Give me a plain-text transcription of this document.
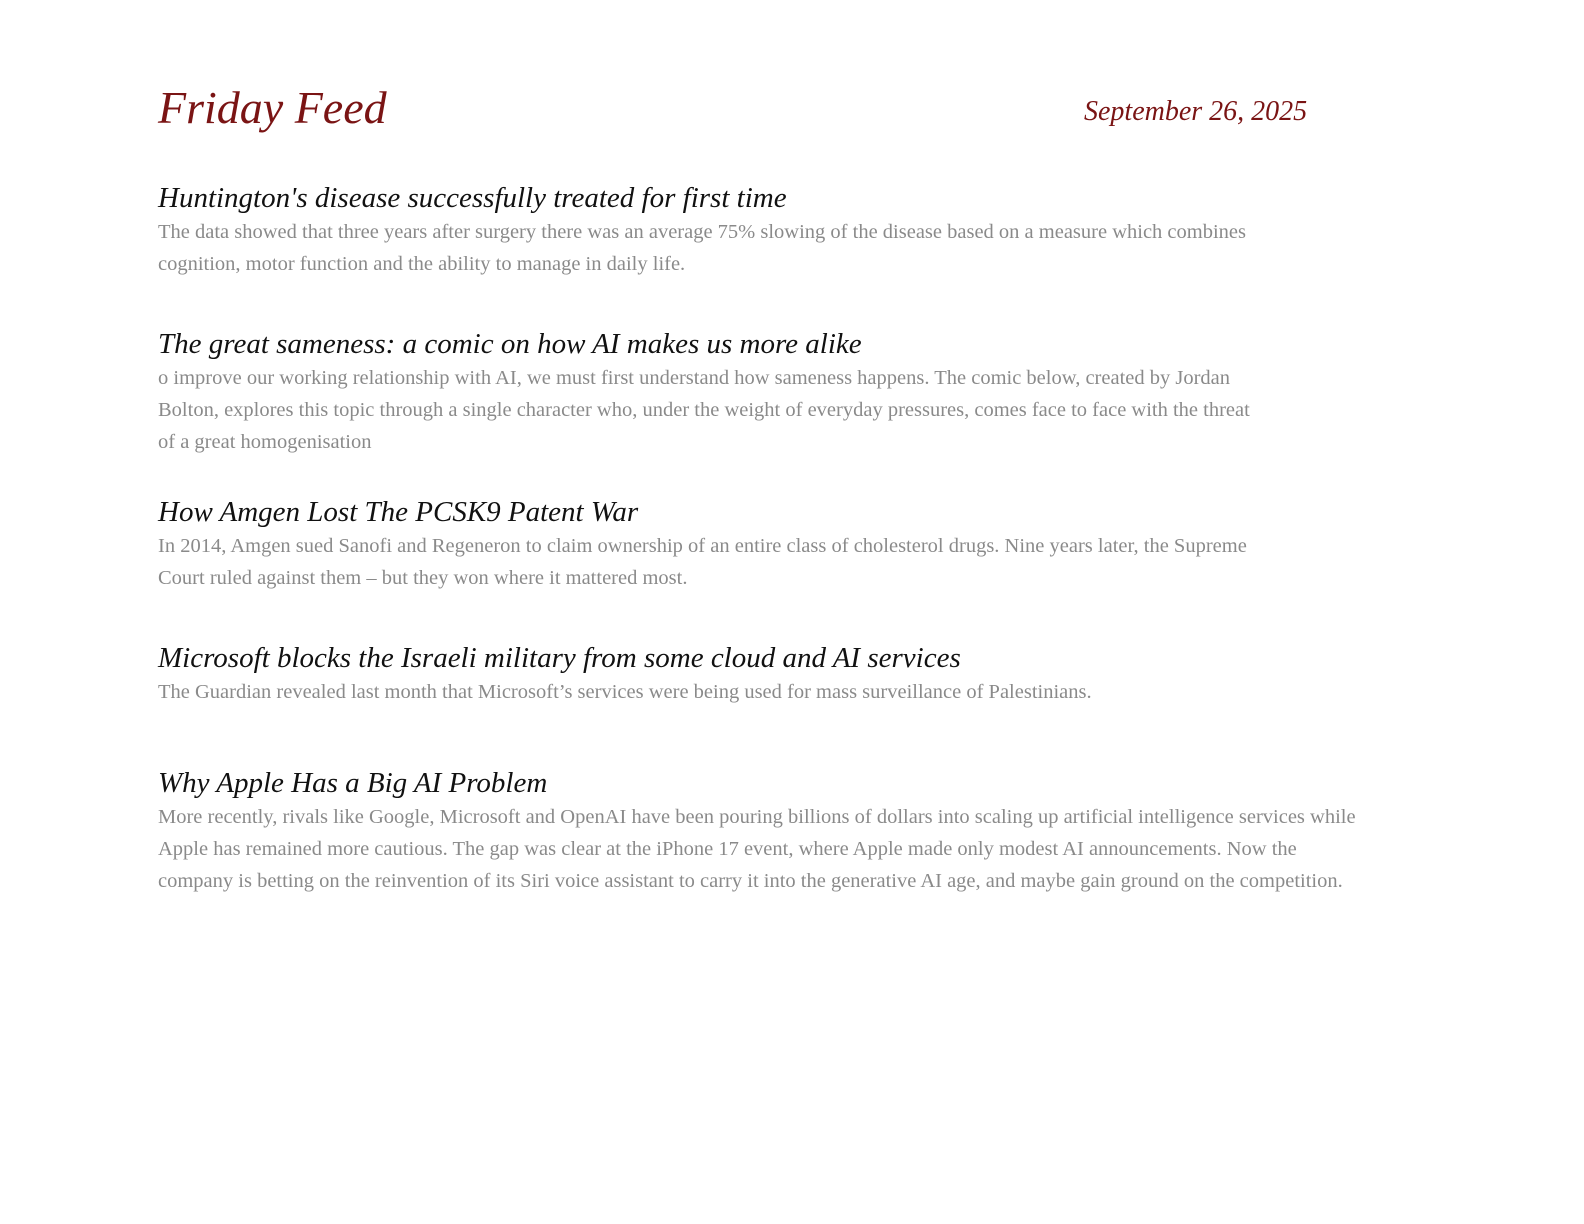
Friday Feed	September 26, 2025
Huntington's disease successfully treated for first time

The data showed that three years after surgery there was an average 75% slowing of the disease based on a measure which combines cognition, motor function and the ability to manage in daily life.

The great sameness: a comic on how AI makes us more alike

o improve our working relationship with AI, we must first understand how sameness happens. The comic below, created by Jordan Bolton, explores this topic through a single character who, under the weight of everyday pressures, comes face to face with the threat of a great homogenisation

How Amgen Lost The PCSK9 Patent War

In 2014, Amgen sued Sanofi and Regeneron to claim ownership of an entire class of cholesterol drugs. Nine years later, the Supreme Court ruled against them – but they won where it mattered most.

Microsoft blocks the Israeli military from some cloud and AI services

The Guardian revealed last month that Microsoft’s services were being used for mass surveillance of Palestinians.

Why Apple Has a Big AI Problem

More recently, rivals like Google, Microsoft and OpenAI have been pouring billions of dollars into scaling up artificial intelligence services while Apple has remained more cautious. The gap was clear at the iPhone 17 event, where Apple made only modest AI announcements. Now the company is betting on the reinvention of its Siri voice assistant to carry it into the generative AI age, and maybe gain ground on the competition.
